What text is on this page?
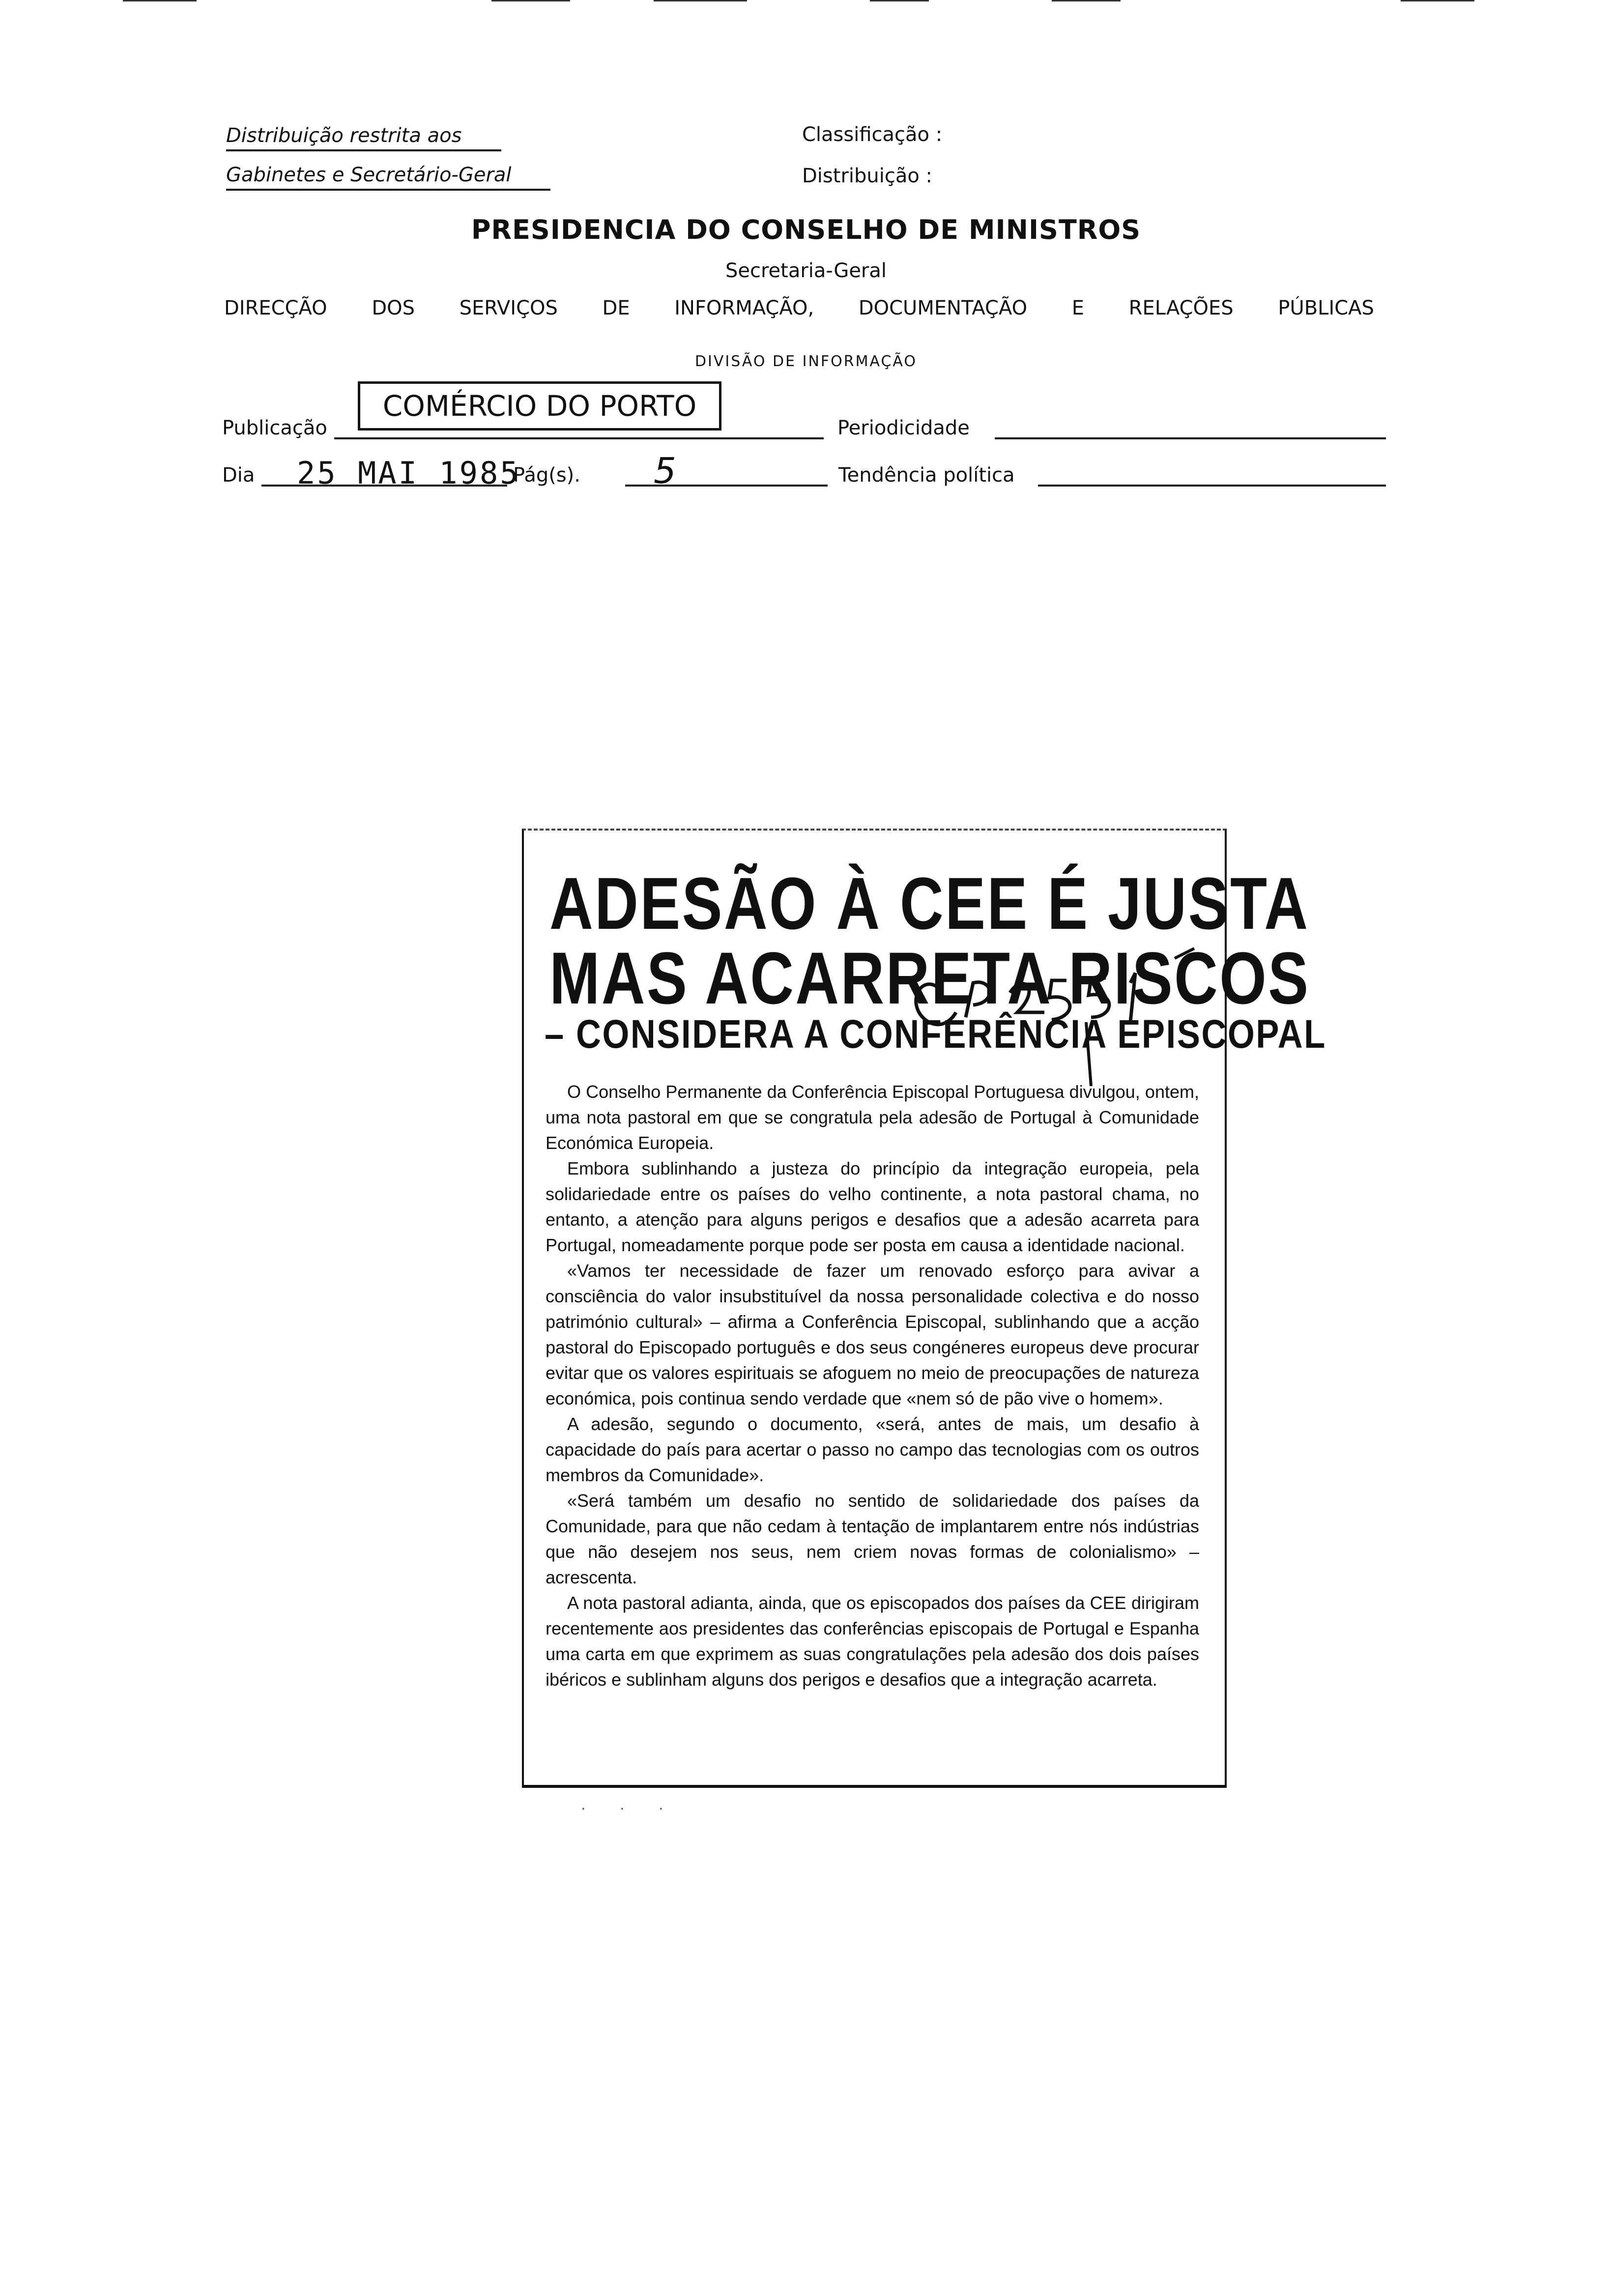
Distribuição restrita aos
Gabinetes e Secretário-Geral
Classificação :
Distribuição :
PRESIDENCIA DO CONSELHO DE MINISTROS
Secretaria-Geral
DIRECÇÃO DOS SERVIÇOS DE INFORMAÇÃO, DOCUMENTAÇÃO E RELAÇÕES PÚBLICAS
DIVISÃO DE INFORMAÇÃO
Publicação
COMÉRCIO DO PORTO
Periodicidade
Dia 25 MAI 1985
Pág(s). 5	Tendência política
ADESÃO À CEE É JUSTA
MAS ACARRETA RISCOS
– CONSIDERA A CONFERÊNCIA EPISCOPAL

O Conselho Permanente da Conferência Episcopal Portuguesa divulgou, ontem, uma nota pastoral em que se congratula pela adesão de Portugal à Comunidade Económica Europeia.

Embora sublinhando a justeza do princípio da integração europeia, pela solidariedade entre os países do velho continente, a nota pastoral chama, no entanto, a atenção para alguns perigos e desafios que a adesão acarreta para Portugal, nomeadamente porque pode ser posta em causa a identidade nacional.

«Vamos ter necessidade de fazer um renovado esforço para avivar a consciência do valor insubstituível da nossa personalidade colectiva e do nosso património cultural» – afirma a Conferência Episcopal, sublinhando que a acção pastoral do Episcopado português e dos seus congéneres europeus deve procurar evitar que os valores espirituais se afoguem no meio de preocupações de natureza económica, pois continua sendo verdade que «nem só de pão vive o homem».

A adesão, segundo o documento, «será, antes de mais, um desafio à capacidade do país para acertar o passo no campo das tecnologias com os outros membros da Comunidade».

«Será também um desafio no sentido de solidariedade dos países da Comunidade, para que não cedam à tentação de implantarem entre nós indústrias que não desejem nos seus, nem criem novas formas de colonialismo» – acrescenta.

A nota pastoral adianta, ainda, que os episcopados dos países da CEE dirigiram recentemente aos presidentes das conferências episcopais de Portugal e Espanha uma carta em que exprimem as suas congratulações pela adesão dos dois países ibéricos e sublinham alguns dos perigos e desafios que a integração acarreta.

· · ·
